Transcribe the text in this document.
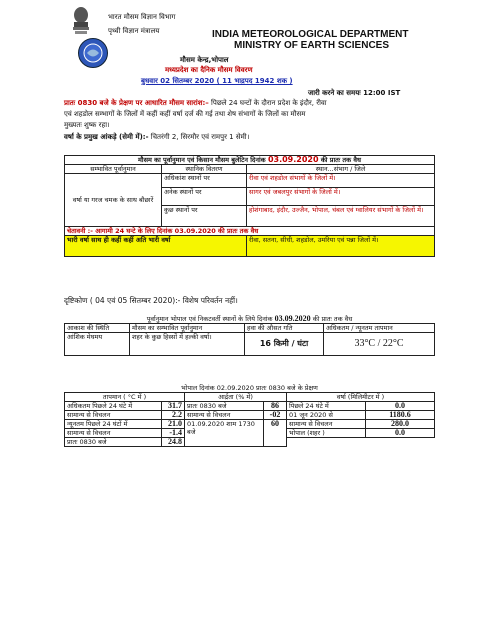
भारत मौसम विज्ञान विभाग
पृथ्वी विज्ञान मंत्रालय	INDIA METEOROLOGICAL DEPARTMENT
MINISTRY OF EARTH SCIENCES
मौसम केन्द्र,भोपाल
मध्यप्रदेश का दैनिक मौसम विवरण
बुधवार 02 सितम्बर 2020 ( 11 भाद्रपद 1942 शक )
जारी करने का समयः 12:00 IST
प्रातः 0830 बजे के प्रेक्षण पर आधारित मौसम सारांश:– पिछले 24 घन्टों के दौरान प्रदेश के इंदौर, रीवा
एवं शहडोल सम्भागों के जिलों में कहीं कहीं वर्षा दर्ज की गई तथा शेष संभागों के जिलों का मौसम
मुख्यतः शुष्क रहा।
वर्षा के प्रमुख आंकड़े (सेमी में):- चितरंगी 2, सिरमौर एवं रामपुर 1 सेमी।
मौसम का पूर्वानुमान एवं किसान मौसम बुलेटिन दिनांक 03.09.2020 की प्रातः तक वैध		
सम्भावित पूर्वानुमान	स्थानिक वितरण	स्थान...संभाग / जिले
वर्षा या गरज चमक के साथ बौछारें	अधिकांश स्थानों पर	रीवा एवं शहडोल संभागों के जिलों में।
	अनेक स्थानों पर	सागर एवं जबलपुर संभागों के जिलों में।
	कुछ स्थानों पर	होशंगाबाद, इंदौर, उज्जैन, भोपाल, चंबल एवं ग्वालियर संभागों के जिलों में।
चेतावनी :- आगामी 24 घन्टे के लिए दिनांक 03.09.2020 की प्रातः तक वैध		
भारी वर्षा साथ ही कहीं कहीं अति भारी वर्षा		रीवा, सतना, सीधी, शहडोल, उमरिया एवं पन्ना जिलों में।
दृष्टिकोण ( 04 एवं 05 सितम्बर 2020):- विशेष परिवर्तन नहीं।
पूर्वानुमान भोपाल एवं निकटवर्ती स्थानों के लिये दिनांक 03.09.2020 की प्रातः तक वैध			
आकाश की स्थिति	मौसम का सम्भावित पूर्वानुमान	हवा की औसत गति	अधिकतम / न्यूनतम तापमान
आंशिक मेघमय	शहर के कुछ हिस्सों में हल्की वर्षा।	16 किमी / घंटा	33°C / 22°C
भोपाल दिनांक 02.09.2020 प्रातः 0830 बजे के प्रेक्षण					
तापमान ( °C में )		आर्द्रता (% में)		वर्षा (मिलिमीटर में )	
अधिकतम पिछले 24 घंटे में	31.7	प्रातः 0830 बजे	86	पिछले 24 घंटे में	0.0
सामान्य से विचलन	2.2	सामान्य से विचलन	-02	01 जून 2020 से	1180.6
न्यूनतम पिछले 24 घंटों में	21.0	01.09.2020 शाम 1730 बजे	60	सामान्य से विचलन	280.0
सामान्य से विचलन	-1.4			भोपाल (शहर )	0.0
प्रातः 0830 बजे	24.8				
